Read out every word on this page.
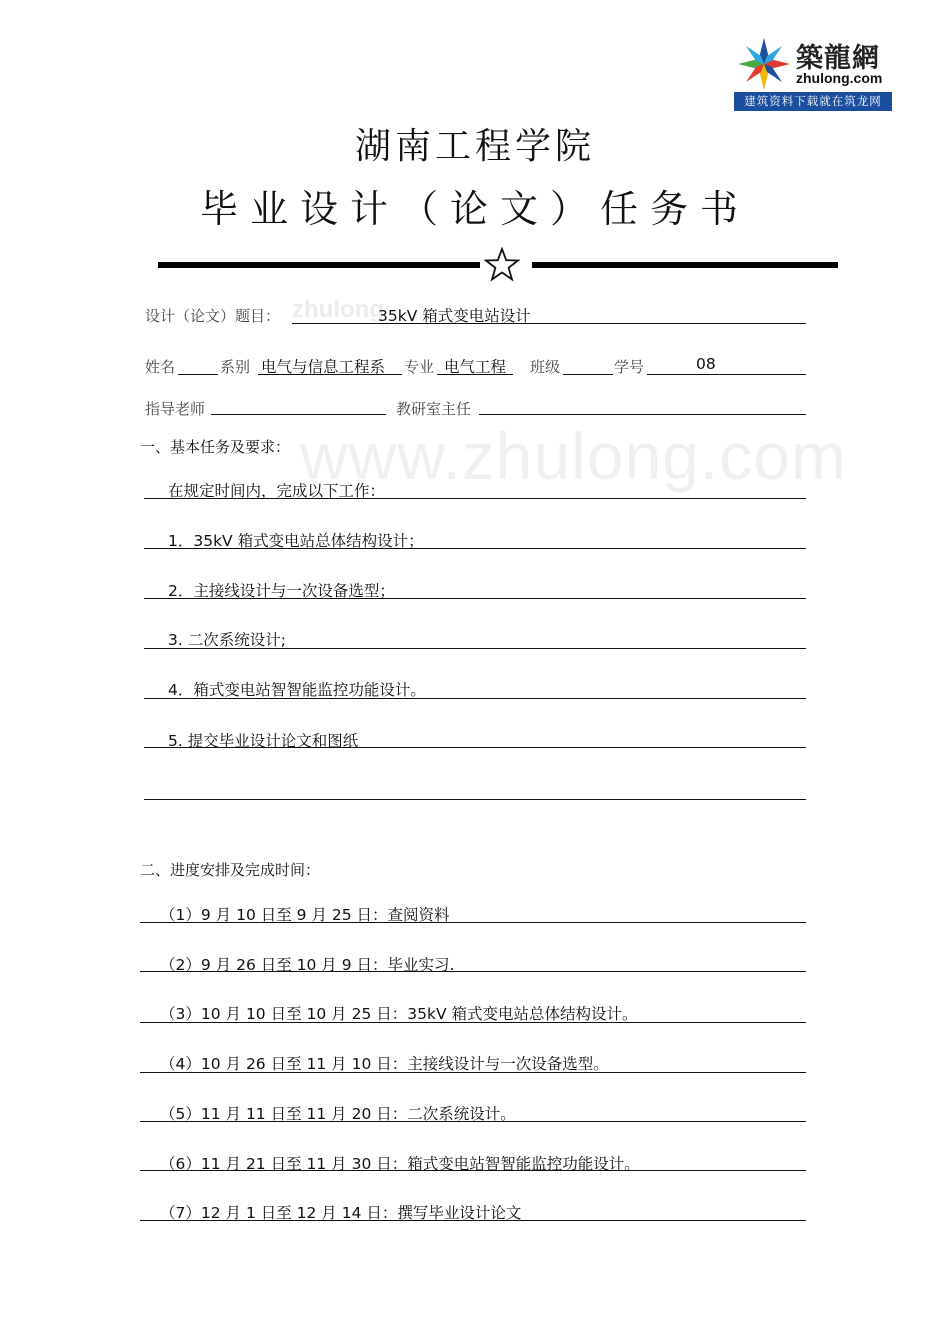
zhulong
www.zhulong.com
築龍網
zhulong.com
建筑资料下载就在筑龙网
湖南工程学院
毕业设计（论文）任务书
设计（论文）题目：	35kV 箱式变电站设计
姓名	系别 电气与信息工程系 专业 电气工程 班级	学号	08
指导老师	教研室主任
一、基本任务及要求：
在规定时间内，完成以下工作：
1．35kV 箱式变电站总体结构设计；
2．主接线设计与一次设备选型；
3. 二次系统设计;
4．箱式变电站智智能监控功能设计。
5. 提交毕业设计论文和图纸
二、进度安排及完成时间：
（1）9 月 10 日至 9 月 25 日：查阅资料
（2）9 月 26 日至 10 月 9 日：毕业实习.
（3）10 月 10 日至 10 月 25 日：35kV 箱式变电站总体结构设计。
（4）10 月 26 日至 11 月 10 日：主接线设计与一次设备选型。
（5）11 月 11 日至 11 月 20 日：二次系统设计。
（6）11 月 21 日至 11 月 30 日：箱式变电站智智能监控功能设计。
（7）12 月 1 日至 12 月 14 日：撰写毕业设计论文
